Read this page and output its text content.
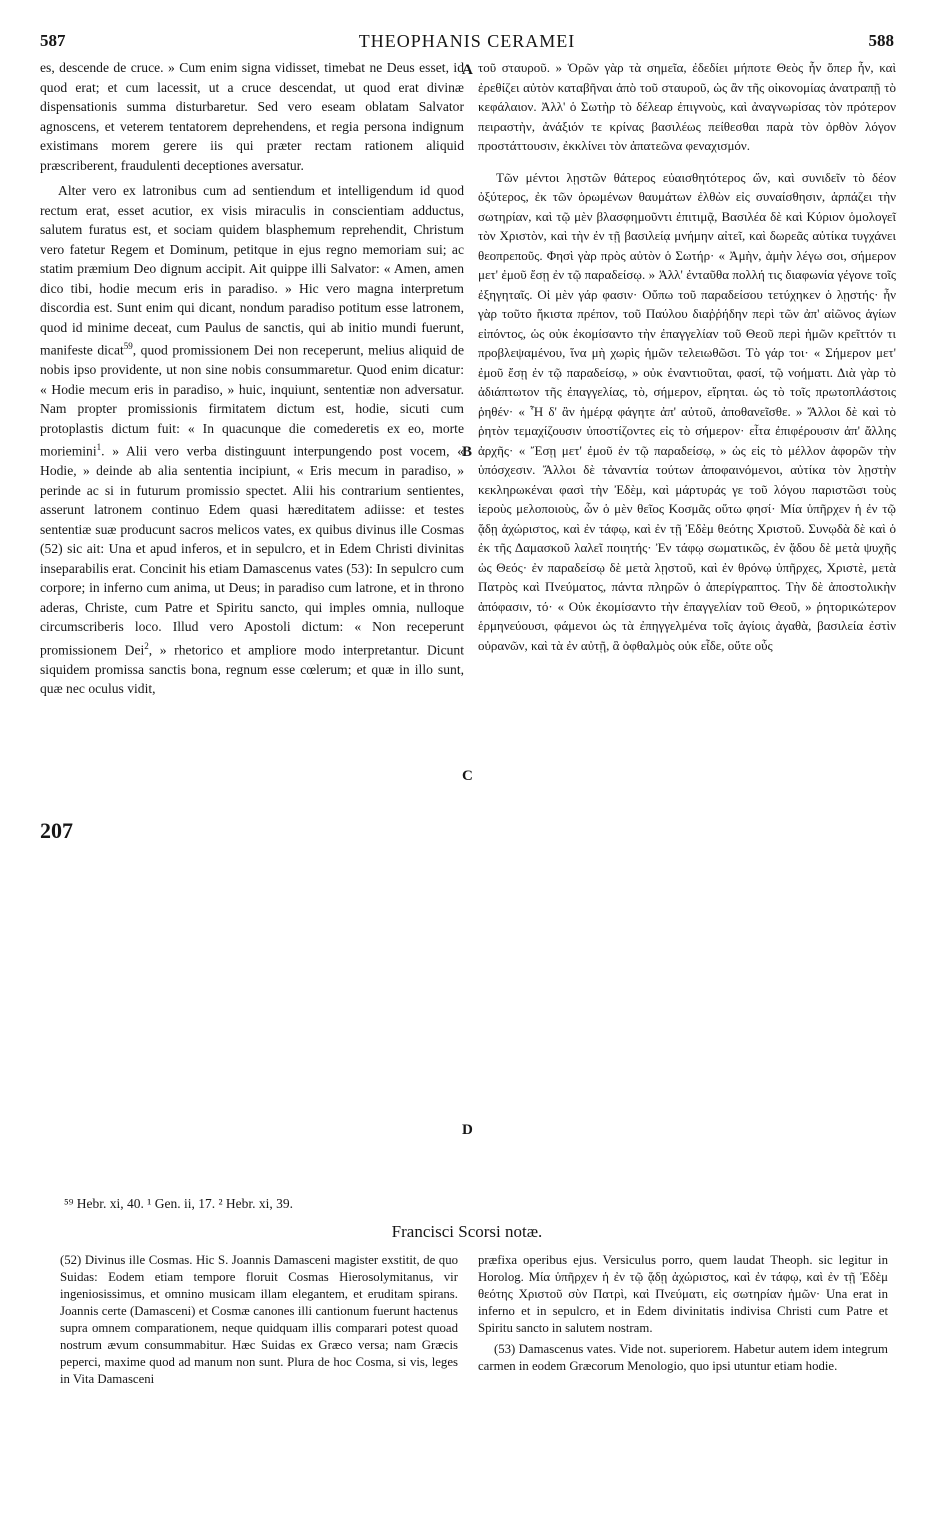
587	THEOPHANIS CERAMEI	588
A
B
C
D

es, descende de cruce. » Cum enim signa vidisset, timebat ne Deus esset, id quod erat; et cum lacessit, ut a cruce descendat, ut quod erat divinæ dispensationis summa disturbaretur. Sed vero eseam oblatam Salvator agnoscens, et veterem tentatorem deprehendens, et regia persona indignum existimans morem gerere iis qui præter rectam rationem aliquid præscriberent, fraudulenti deceptiones aversatur.

Alter vero ex latronibus cum ad sentiendum et intelligendum id quod rectum erat, esset acutior, ex visis miraculis in conscientiam adductus, salutem furatus est, et sociam quidem blasphemum reprehendit, Christum vero fatetur Regem et Dominum, petitque in ejus regno memoriam sui; ac statim præmium Deo dignum accipit. Ait quippe illi Salvator: « Amen, amen dico tibi, hodie mecum eris in paradiso. » Hic vero magna interpretum discordia est. Sunt enim qui dicant, nondum paradiso potitum esse latronem, quod id minime deceat, cum Paulus de sanctis, qui ab initio mundi fuerunt, manifeste dicat$^{59}$, quod promissionem Dei non receperunt, melius aliquid de nobis ipso providente, ut non sine nobis consummaretur. Quod enim dicatur: « Hodie mecum eris in paradiso, » huic, inquiunt, sententiæ non adversatur. Nam propter promissionis firmitatem dictum est, hodie, sicuti cum protoplastis dictum fuit: « In quacunque die comederetis ex eo, morte moriemini$^1$. » Alii vero verba distinguunt interpungendo post vocem, « Hodie, » deinde ab alia sententia incipiunt, « Eris mecum in paradiso, » perinde ac si in futurum promissio spectet. Alii his contrarium sentientes, asserunt latronem continuo Edem quasi hæreditatem adiisse: et testes sententiæ suæ producunt sacros melicos vates, ex quibus divinus ille Cosmas (52) sic ait: Una et apud inferos, et in sepulcro, et in Edem Christi divinitas inseparabilis erat. Concinit his etiam Damascenus vates (53): In sepulcro cum corpore; in inferno cum anima, ut Deus; in paradiso cum latrone, et in throno aderas, Christe, cum Patre et Spiritu sancto, qui imples omnia, nulloque circumscriberis loco. Illud vero Apostoli dictum: « Non receperunt promissionem Dei$^2$, » rhetorico et ampliore modo interpretantur. Dicunt siquidem promissa sanctis bona, regnum esse cœlerum; et quæ in illo sunt, quæ nec oculus vidit,

207

τοῦ σταυροῦ. » Ὁρῶν γὰρ τὰ σημεῖα, ἐδεδίει μήποτε Θεὸς ἦν ὅπερ ἦν, καὶ ἐρεθίζει αὐτὸν καταβῆναι ἀπὸ τοῦ σταυροῦ, ὡς ἂν τῆς οἰκονομίας ἀνατραπῇ τὸ κεφάλαιον. Ἀλλ' ὁ Σωτὴρ τὸ δέλεαρ ἐπιγνοὺς, καὶ ἀναγνωρίσας τὸν πρότερον πειραστὴν, ἀνάξιόν τε κρίνας βασιλέως πείθεσθαι παρὰ τὸν ὀρθὸν λόγον προστάττουσιν, ἐκκλίνει τὸν ἀπατεῶνα φεναχισμόν.

Τῶν μέντοι λῃστῶν θάτερος εὐαισθητότερος ὤν, καὶ συνιδεῖν τὸ δέον ὀξύτερος, ἐκ τῶν ὁρωμένων θαυμάτων ἐλθὼν εἰς συναίσθησιν, ἁρπάζει τὴν σωτηρίαν, καὶ τῷ μὲν βλασφημοῦντι ἐπιτιμᾷ, Βασιλέα δὲ καὶ Κύριον ὁμολογεῖ τὸν Χριστὸν, καὶ τὴν ἐν τῇ βασιλείᾳ μνήμην αἰτεῖ, καὶ δωρεᾶς αὐτίκα τυγχάνει θεοπρεποῦς. Φησὶ γὰρ πρὸς αὐτὸν ὁ Σωτήρ· « Ἀμὴν, ἀμὴν λέγω σοι, σήμερον μετ' ἐμοῦ ἔσῃ ἐν τῷ παραδείσῳ. » Ἀλλ' ἐνταῦθα πολλή τις διαφωνία γέγονε τοῖς ἐξηγηταῖς. Οἱ μὲν γάρ φασιν· Οὔπω τοῦ παραδείσου τετύχηκεν ὁ λῃστής· ἦν γὰρ τοῦτο ἥκιστα πρέπον, τοῦ Παύλου διαῤῥήδην περὶ τῶν ἀπ' αἰῶνος ἁγίων εἰπόντος, ὡς οὐκ ἐκομίσαντο τὴν ἐπαγγελίαν τοῦ Θεοῦ περὶ ἡμῶν κρεῖττόν τι προβλεψαμένου, ἵνα μὴ χωρὶς ἡμῶν τελειωθῶσι. Τὸ γάρ τοι· « Σήμερον μετ' ἐμοῦ ἔσῃ ἐν τῷ παραδείσῳ, » οὐκ ἐναντιοῦται, φασί, τῷ νοήματι. Διὰ γὰρ τὸ ἀδιάπτωτον τῆς ἐπαγγελίας, τὸ, σήμερον, εἴρηται. ὡς τὸ τοῖς πρωτοπλάστοις ῥηθέν· « Ἧ δ' ἂν ἡμέρᾳ φάγητε ἀπ' αὐτοῦ, ἀποθανεῖσθε. » Ἄλλοι δὲ καὶ τὸ ῥητὸν τεμαχίζουσιν ὑποστίζοντες εἰς τὸ σήμερον· εἶτα ἐπιφέρουσιν ἀπ' ἄλλης ἀρχῆς· « Ἔσῃ μετ' ἐμοῦ ἐν τῷ παραδείσῳ, » ὡς εἰς τὸ μέλλον ἀφορῶν τὴν ὑπόσχεσιν. Ἄλλοι δὲ τἀναντία τούτων ἀποφαινόμενοι, αὐτίκα τὸν λῃστὴν κεκληρωκέναι φασὶ τὴν Ἐδὲμ, καὶ μάρτυράς γε τοῦ λόγου παριστῶσι τοὺς ἱεροὺς μελοποιοὺς, ὧν ὁ μὲν θεῖος Κοσμᾶς οὕτω φησί· Μία ὑπῆρχεν ἡ ἐν τῷ ᾅδῃ ἀχώριστος, καὶ ἐν τάφῳ, καὶ ἐν τῇ Ἐδὲμ θεότης Χριστοῦ. Συνῳδὰ δὲ καὶ ὁ ἐκ τῆς Δαμασκοῦ λαλεῖ ποιητής· Ἐν τάφῳ σωματικῶς, ἐν ᾅδου δὲ μετὰ ψυχῆς ὡς Θεός· ἐν παραδείσῳ δὲ μετὰ λῃστοῦ, καὶ ἐν θρόνῳ ὑπῆρχες, Χριστὲ, μετὰ Πατρὸς καὶ Πνεύματος, πάντα πληρῶν ὁ ἀπερίγραπτος. Τὴν δὲ ἀποστολικὴν ἀπόφασιν, τό· « Οὐκ ἐκομίσαντο τὴν ἐπαγγελίαν τοῦ Θεοῦ, » ῥητορικώτερον ἑρμηνεύουσι, φάμενοι ὡς τὰ ἐπηγγελμένα τοῖς ἁγίοις ἀγαθὰ, βασιλεία ἐστὶν οὐρανῶν, καὶ τὰ ἐν αὐτῇ, ἃ ὀφθαλμὸς οὐκ εἶδε, οὔτε οὖς

⁵⁹ Hebr. xi, 40. ¹ Gen. ii, 17. ² Hebr. xi, 39.
Francisci Scorsi notæ.

(52) Divinus ille Cosmas. Hic S. Joannis Damasceni magister exstitit, de quo Suidas: Eodem etiam tempore floruit Cosmas Hierosolymitanus, vir ingeniosissimus, et omnino musicam illam elegantem, et eruditam spirans. Joannis certe (Damasceni) et Cosmæ canones illi cantionum fuerunt hactenus supra omnem comparationem, neque quidquam illis comparari potest quoad nostrum ævum consummabitur. Hæc Suidas ex Græco versa; nam Græcis peperci, maxime quod ad manum non sunt. Plura de hoc Cosma, si vis, leges in Vita Damasceni

præfixa operibus ejus. Versiculus porro, quem laudat Theoph. sic legitur in Horolog. Μία ὑπῆρχεν ἡ ἐν τῷ ᾅδῃ ἀχώριστος, καὶ ἐν τάφῳ, καὶ ἐν τῇ Ἐδὲμ θεότης Χριστοῦ σὺν Πατρὶ, καὶ Πνεύματι, εἰς σωτηρίαν ἡμῶν· Una erat in inferno et in sepulcro, et in Edem divinitatis indivisa Christi cum Patre et Spiritu sancto in salutem nostram.

(53) Damascenus vates. Vide not. superiorem. Habetur autem idem integrum carmen in eodem Græcorum Menologio, quo ipsi utuntur etiam hodie.
